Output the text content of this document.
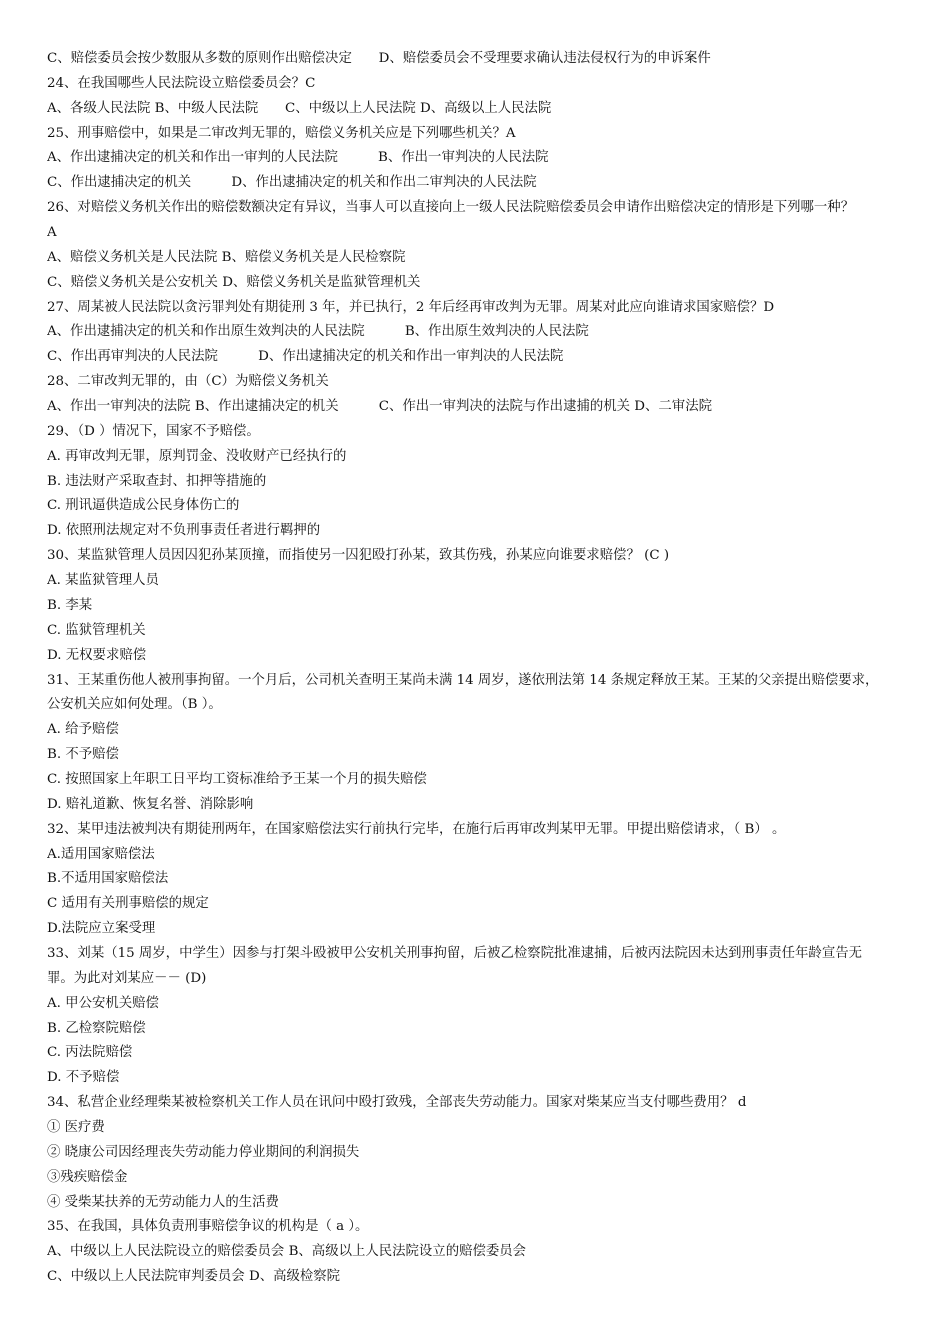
C、赔偿委员会按少数服从多数的原则作出赔偿决定　　D、赔偿委员会不受理要求确认违法侵权行为的申诉案件
24、在我国哪些人民法院设立赔偿委员会？C
A、各级人民法院 B、中级人民法院　　C、中级以上人民法院 D、高级以上人民法院
25、刑事赔偿中，如果是二审改判无罪的，赔偿义务机关应是下列哪些机关？A
A、作出逮捕决定的机关和作出一审判的人民法院　　　B、作出一审判决的人民法院
C、作出逮捕决定的机关　　　D、作出逮捕决定的机关和作出二审判决的人民法院
26、对赔偿义务机关作出的赔偿数额决定有异议，当事人可以直接向上一级人民法院赔偿委员会申请作出赔偿决定的情形是下列哪一种？
A
A、赔偿义务机关是人民法院 B、赔偿义务机关是人民检察院
C、赔偿义务机关是公安机关 D、赔偿义务机关是监狱管理机关
27、周某被人民法院以贪污罪判处有期徒刑 3 年，并已执行，2 年后经再审改判为无罪。周某对此应向谁请求国家赔偿？D
A、作出逮捕决定的机关和作出原生效判决的人民法院　　　B、作出原生效判决的人民法院
C、作出再审判决的人民法院　　　D、作出逮捕决定的机关和作出一审判决的人民法院
28、二审改判无罪的，由（C）为赔偿义务机关
A、作出一审判决的法院 B、作出逮捕决定的机关　　　C、作出一审判决的法院与作出逮捕的机关 D、二审法院
29、（D ）情况下，国家不予赔偿。
A. 再审改判无罪，原判罚金、没收财产已经执行的
B. 违法财产采取查封、扣押等措施的
C. 刑讯逼供造成公民身体伤亡的
D. 依照刑法规定对不负刑事责任者进行羁押的
30、某监狱管理人员因囚犯孙某顶撞，而指使另一囚犯殴打孙某，致其伤残，孙某应向谁要求赔偿？ (C )
A. 某监狱管理人员
B. 李某
C. 监狱管理机关
D. 无权要求赔偿
31、王某重伤他人被刑事拘留。一个月后，公司机关查明王某尚未满 14 周岁，遂依刑法第 14 条规定释放王某。王某的父亲提出赔偿要求，
公安机关应如何处理。（B ）。
A. 给予赔偿
B. 不予赔偿
C. 按照国家上年职工日平均工资标准给予王某一个月的损失赔偿
D. 赔礼道歉、恢复名誉、消除影响
32、某甲违法被判决有期徒刑两年，在国家赔偿法实行前执行完毕，在施行后再审改判某甲无罪。甲提出赔偿请求，（ B） 。
A.适用国家赔偿法
B.不适用国家赔偿法
C 适用有关刑事赔偿的规定
D.法院应立案受理
33、刘某（15 周岁，中学生）因参与打架斗殴被甲公安机关刑事拘留，后被乙检察院批准逮捕，后被丙法院因未达到刑事责任年龄宣告无
罪。为此对刘某应－－ (D)
A. 甲公安机关赔偿
B. 乙检察院赔偿
C. 丙法院赔偿
D. 不予赔偿
34、私营企业经理柴某被检察机关工作人员在讯问中殴打致残，全部丧失劳动能力。国家对柴某应当支付哪些费用？ d
① 医疗费
② 晓康公司因经理丧失劳动能力停业期间的利润损失
③残疾赔偿金
④ 受柴某扶养的无劳动能力人的生活费
35、在我国，具体负责刑事赔偿争议的机构是（ a ）。
A、中级以上人民法院设立的赔偿委员会 B、高级以上人民法院设立的赔偿委员会
C、中级以上人民法院审判委员会 D、高级检察院
